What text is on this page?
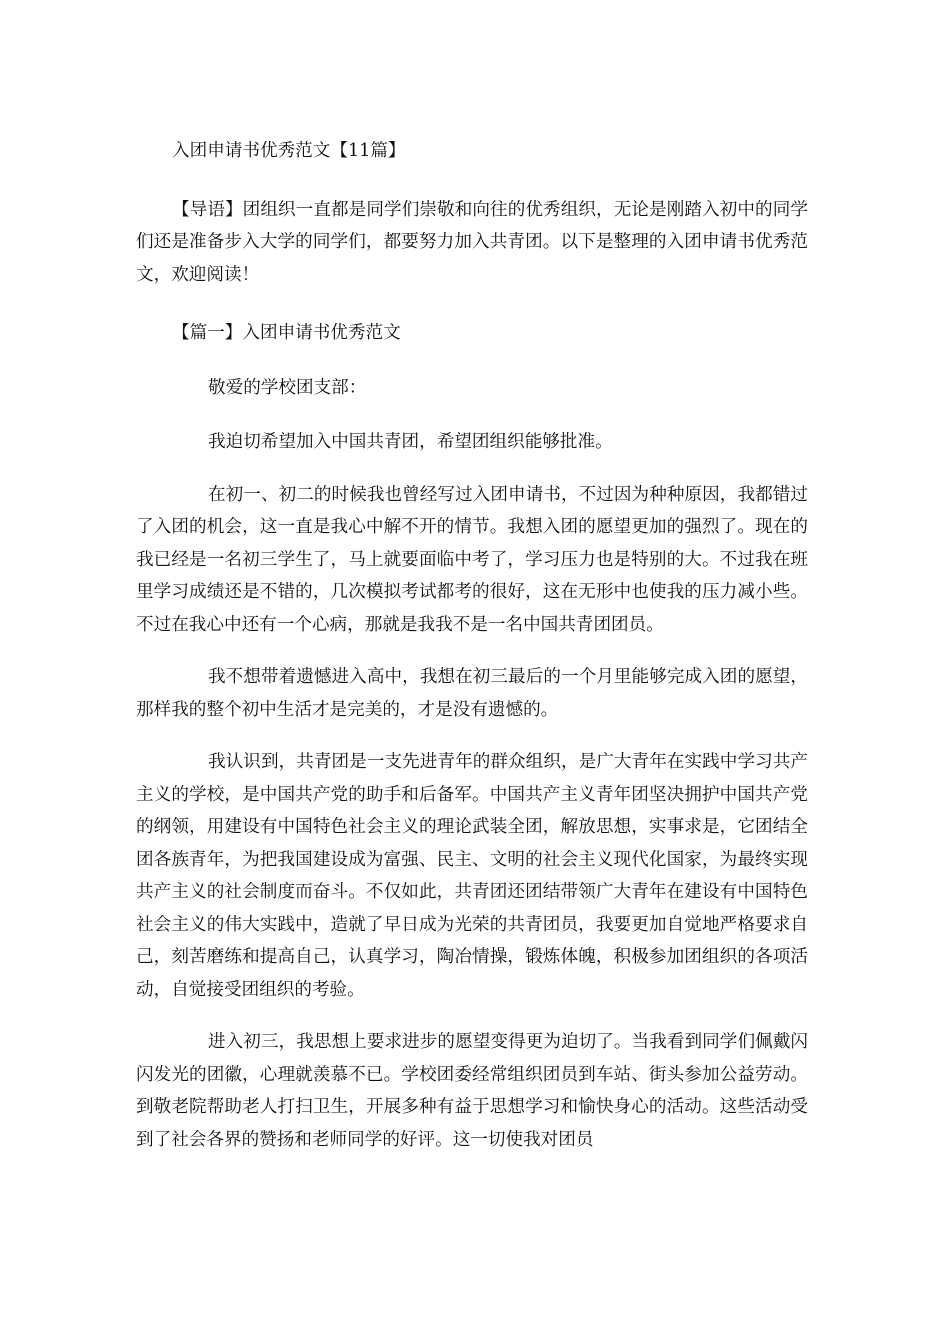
入团申请书优秀范文【11篇】

【导语】团组织一直都是同学们崇敬和向往的优秀组织，无论是刚踏入初中的同学们还是准备步入大学的同学们，都要努力加入共青团。以下是整理的入团申请书优秀范文，欢迎阅读！

【篇一】入团申请书优秀范文

敬爱的学校团支部：

我迫切希望加入中国共青团，希望团组织能够批准。

在初一、初二的时候我也曾经写过入团申请书，不过因为种种原因，我都错过了入团的机会，这一直是我心中解不开的情节。我想入团的愿望更加的强烈了。现在的我已经是一名初三学生了，马上就要面临中考了，学习压力也是特别的大。不过我在班里学习成绩还是不错的，几次模拟考试都考的很好，这在无形中也使我的压力减小些。不过在我心中还有一个心病，那就是我我不是一名中国共青团团员。

我不想带着遗憾进入高中，我想在初三最后的一个月里能够完成入团的愿望，那样我的整个初中生活才是完美的，才是没有遗憾的。

我认识到，共青团是一支先进青年的群众组织，是广大青年在实践中学习共产主义的学校，是中国共产党的助手和后备军。中国共产主义青年团坚决拥护中国共产党的纲领，用建设有中国特色社会主义的理论武装全团，解放思想，实事求是，它团结全团各族青年，为把我国建设成为富强、民主、文明的社会主义现代化国家，为最终实现共产主义的社会制度而奋斗。不仅如此，共青团还团结带领广大青年在建设有中国特色社会主义的伟大实践中，造就了早日成为光荣的共青团员，我要更加自觉地严格要求自己，刻苦磨练和提高自己，认真学习，陶冶情操，锻炼体魄，积极参加团组织的各项活动，自觉接受团组织的考验。

进入初三，我思想上要求进步的愿望变得更为迫切了。当我看到同学们佩戴闪闪发光的团徽，心理就羡慕不已。学校团委经常组织团员到车站、街头参加公益劳动。到敬老院帮助老人打扫卫生，开展多种有益于思想学习和愉快身心的活动。这些活动受到了社会各界的赞扬和老师同学的好评。这一切使我对团员
